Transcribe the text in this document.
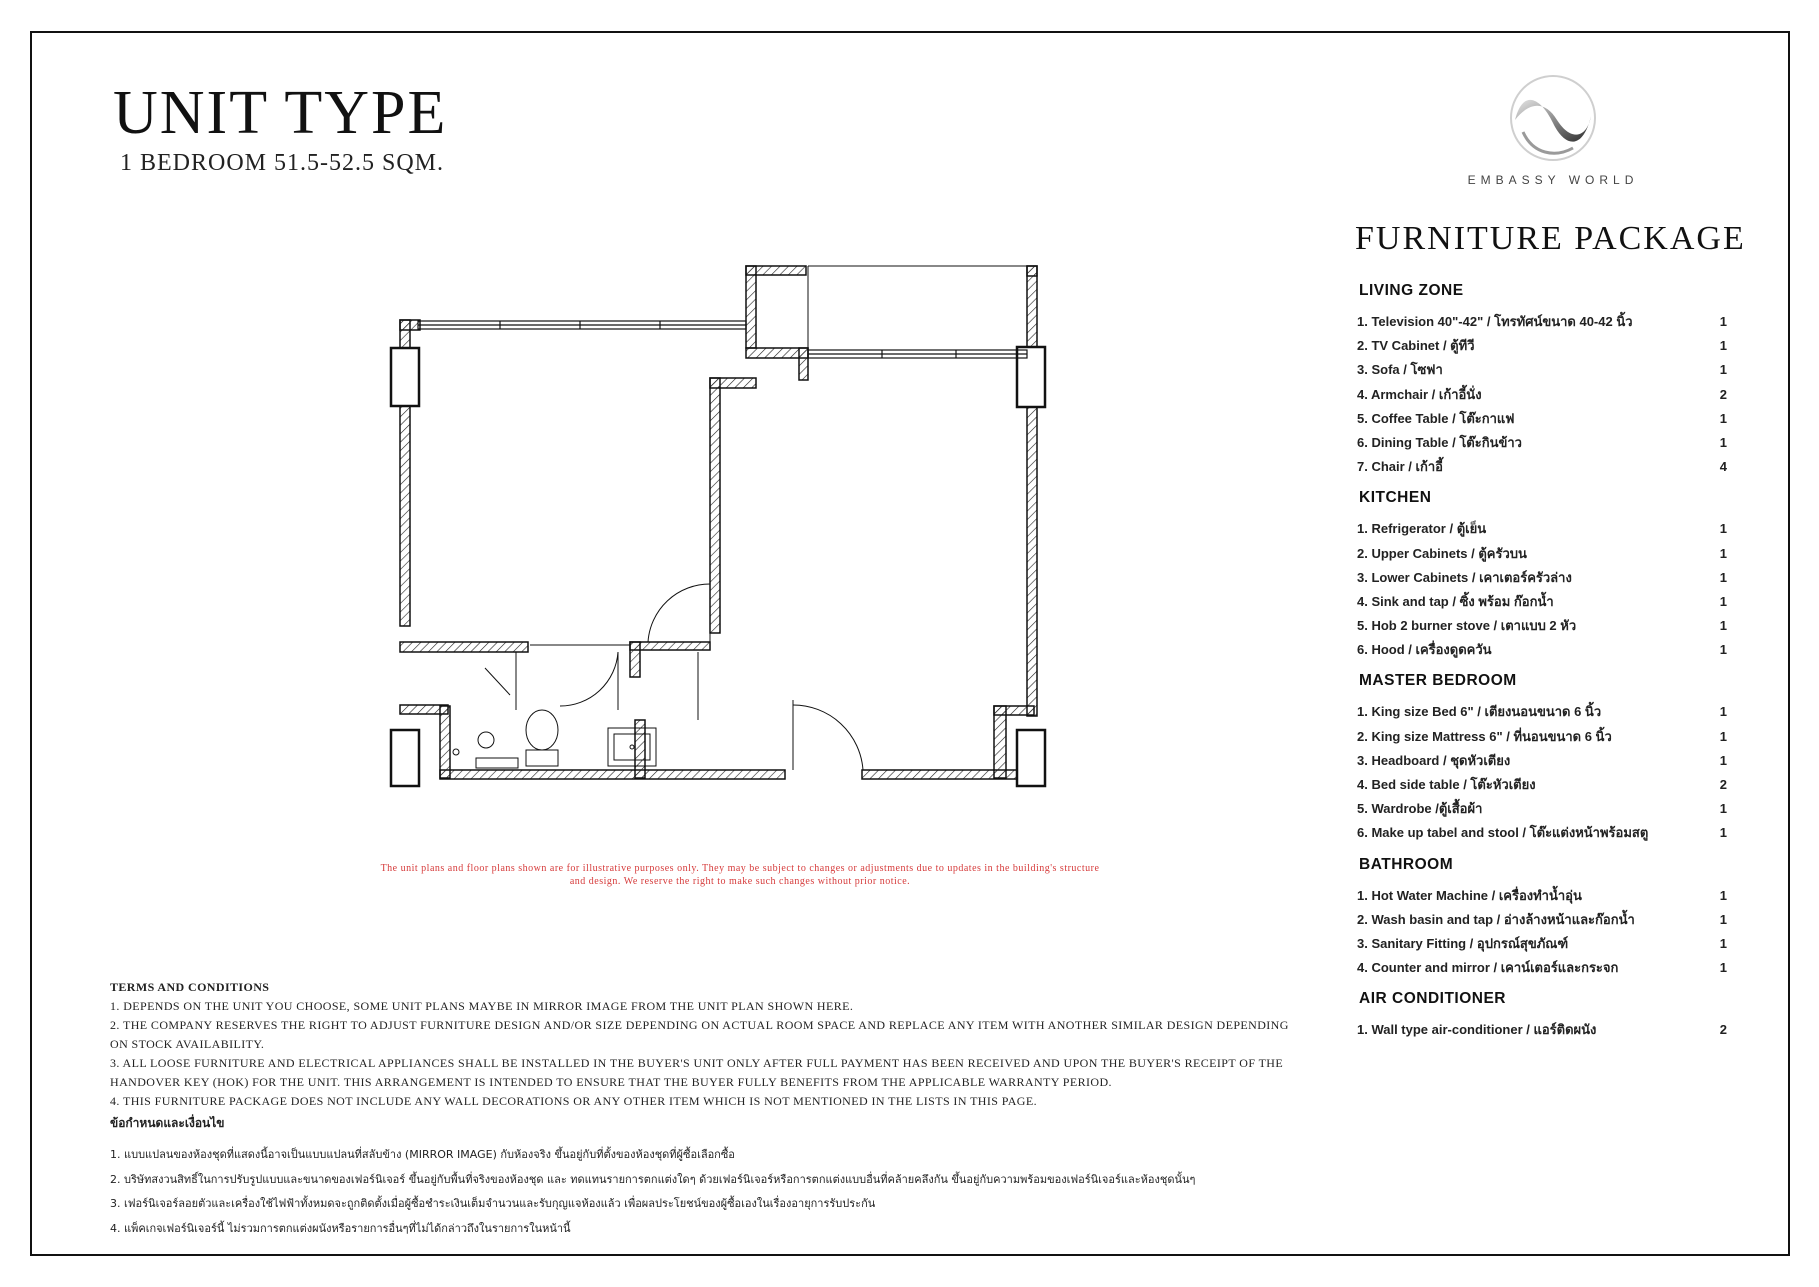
UNIT TYPE
1 BEDROOM 51.5-52.5 SQM.
EMBASSY WORLD
FURNITURE PACKAGE
LIVING ZONE
1. Television 40"-42" / โทรทัศน์ขนาด 40-42 นิ้ว	1
2. TV Cabinet / ตู้ทีวี	1
3. Sofa / โซฟา	1
4. Armchair / เก้าอี้นั่ง	2
5. Coffee Table / โต๊ะกาแฟ	1
6. Dining Table / โต๊ะกินข้าว	1
7. Chair / เก้าอี้	4
KITCHEN
1. Refrigerator / ตู้เย็น	1
2. Upper Cabinets / ตู้ครัวบน	1
3. Lower Cabinets / เคาเตอร์ครัวล่าง	1
4. Sink and tap / ซิ้ง พร้อม ก๊อกน้ำ	1
5. Hob 2 burner stove / เตาแบบ 2 หัว	1
6. Hood / เครื่องดูดควัน	1
MASTER BEDROOM
1. King size Bed 6" / เตียงนอนขนาด 6 นิ้ว	1
2. King size Mattress 6" / ที่นอนขนาด 6 นิ้ว	1
3. Headboard / ชุดหัวเตียง	1
4. Bed side table / โต๊ะหัวเตียง	2
5. Wardrobe /ตู้เสื้อผ้า	1
6. Make up tabel and stool / โต๊ะแต่งหน้าพร้อมสตู	1
BATHROOM
1. Hot Water Machine / เครื่องทำน้ำอุ่น	1
2. Wash basin and tap / อ่างล้างหน้าและก๊อกน้ำ	1
3. Sanitary Fitting / อุปกรณ์สุขภัณฑ์	1
4. Counter and mirror / เคาน์เตอร์และกระจก	1
AIR CONDITIONER
1. Wall type air-conditioner / แอร์ติดผนัง	2
The unit plans and floor plans shown are for illustrative purposes only. They may be subject to changes or adjustments due to updates in the building's structure
and design. We reserve the right to make such changes without prior notice.
TERMS AND CONDITIONS
1. DEPENDS ON THE UNIT YOU CHOOSE, SOME UNIT PLANS MAYBE IN MIRROR IMAGE FROM THE UNIT PLAN SHOWN HERE.
2. THE COMPANY RESERVES THE RIGHT TO ADJUST FURNITURE DESIGN AND/OR SIZE DEPENDING ON ACTUAL ROOM SPACE AND REPLACE ANY ITEM WITH ANOTHER SIMILAR DESIGN DEPENDING ON STOCK AVAILABILITY.
3. ALL LOOSE FURNITURE AND ELECTRICAL APPLIANCES SHALL BE INSTALLED IN THE BUYER'S UNIT ONLY AFTER FULL PAYMENT HAS BEEN RECEIVED AND UPON THE BUYER'S RECEIPT OF THE HANDOVER KEY (HOK) FOR THE UNIT. THIS ARRANGEMENT IS INTENDED TO ENSURE THAT THE BUYER FULLY BENEFITS FROM THE APPLICABLE WARRANTY PERIOD.
4. THIS FURNITURE PACKAGE DOES NOT INCLUDE ANY WALL DECORATIONS OR ANY OTHER ITEM WHICH IS NOT MENTIONED IN THE LISTS IN THIS PAGE.
ข้อกำหนดและเงื่อนไข
1. แบบแปลนของห้องชุดที่แสดงนี้อาจเป็นแบบแปลนที่สลับข้าง (MIRROR IMAGE) กับห้องจริง ขึ้นอยู่กับที่ตั้งของห้องชุดที่ผู้ซื้อเลือกซื้อ
2. บริษัทสงวนสิทธิ์ในการปรับรูปแบบและขนาดของเฟอร์นิเจอร์ ขึ้นอยู่กับพื้นที่จริงของห้องชุด และ ทดแทนรายการตกแต่งใดๆ ด้วยเฟอร์นิเจอร์หรือการตกแต่งแบบอื่นที่คล้ายคลึงกัน ขึ้นอยู่กับความพร้อมของเฟอร์นิเจอร์และห้องชุดนั้นๆ
3. เฟอร์นิเจอร์ลอยตัวและเครื่องใช้ไฟฟ้าทั้งหมดจะถูกติดตั้งเมื่อผู้ซื้อชำระเงินเต็มจำนวนและรับกุญแจห้องแล้ว เพื่อผลประโยชน์ของผู้ซื้อเองในเรื่องอายุการรับประกัน
4. แพ็คเกจเฟอร์นิเจอร์นี้ ไม่รวมการตกแต่งผนังหรือรายการอื่นๆที่ไม่ได้กล่าวถึงในรายการในหน้านี้
